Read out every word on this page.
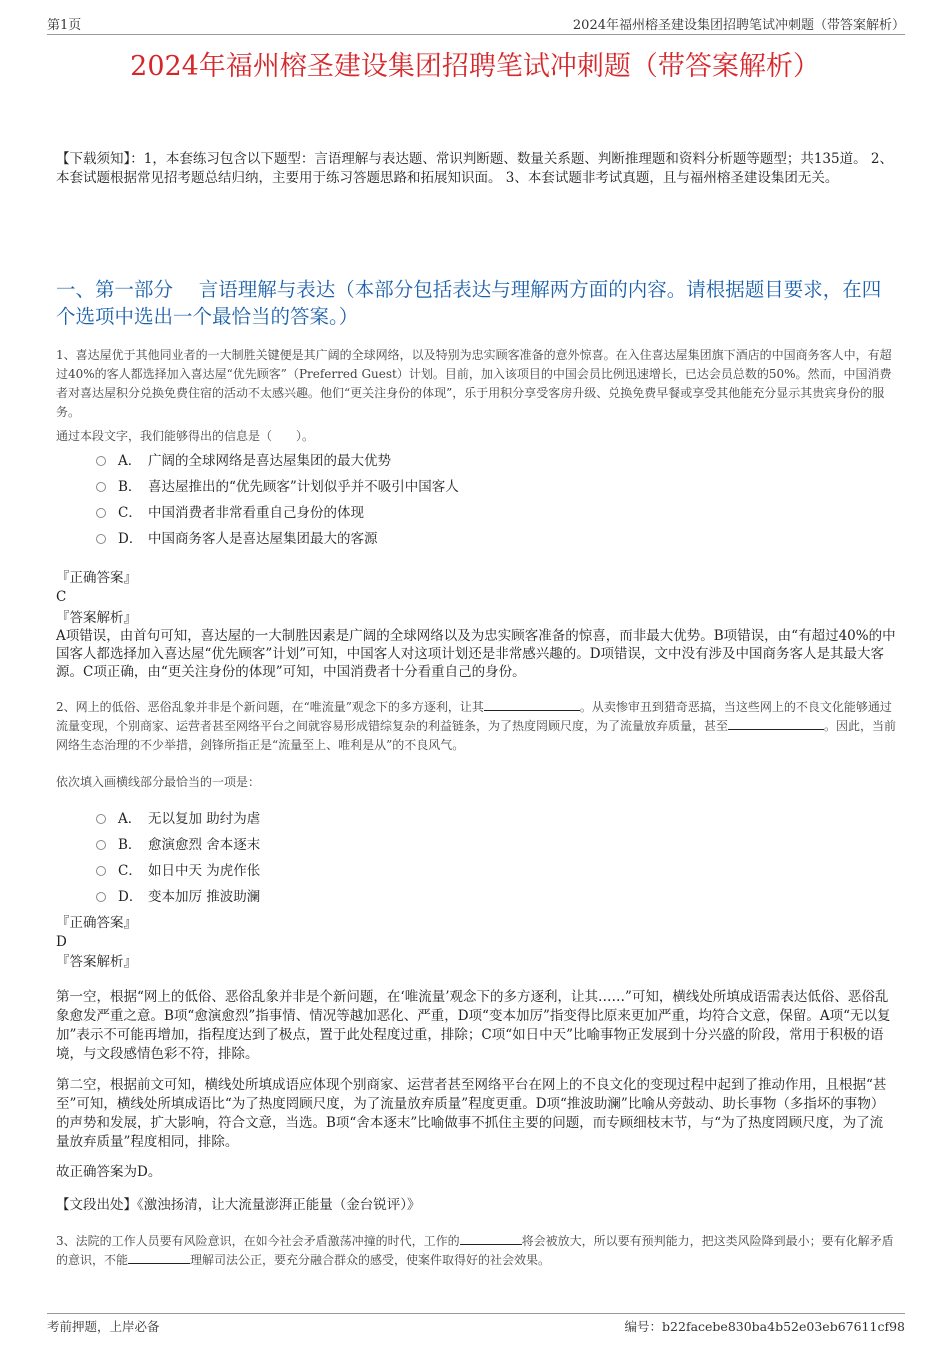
第1页	2024年福州榕圣建设集团招聘笔试冲刺题（带答案解析）
2024年福州榕圣建设集团招聘笔试冲刺题（带答案解析）
【下载须知】：1，本套练习包含以下题型：言语理解与表达题、常识判断题、数量关系题、判断推理题和资料分析题等题型；共135道。 2、本套试题根据常见招考题总结归纳，主要用于练习答题思路和拓展知识面。 3、本套试题非考试真题，且与福州榕圣建设集团无关。
一、第一部分　 言语理解与表达（本部分包括表达与理解两方面的内容。请根据题目要求，在四个选项中选出一个最恰当的答案。）
1、喜达屋优于其他同业者的一大制胜关键便是其广阔的全球网络，以及特别为忠实顾客准备的意外惊喜。在入住喜达屋集团旗下酒店的中国商务客人中，有超过40%的客人都选择加入喜达屋“优先顾客”（Preferred Guest）计划。目前，加入该项目的中国会员比例迅速增长，已达会员总数的50%。然而，中国消费者对喜达屋积分兑换免费住宿的活动不太感兴趣。他们“更关注身份的体现”，乐于用积分享受客房升级、兑换免费早餐或享受其他能充分显示其贵宾身份的服务。
通过本段文字，我们能够得出的信息是（　　）。
A． 广阔的全球网络是喜达屋集团的最大优势
B． 喜达屋推出的“优先顾客”计划似乎并不吸引中国客人
C． 中国消费者非常看重自己身份的体现
D． 中国商务客人是喜达屋集团最大的客源
『正确答案』
C
『答案解析』
A项错误，由首句可知，喜达屋的一大制胜因素是广阔的全球网络以及为忠实顾客准备的惊喜，而非最大优势。B项错误，由“有超过40%的中国客人都选择加入喜达屋“优先顾客”计划”可知，中国客人对这项计划还是非常感兴趣的。D项错误，文中没有涉及中国商务客人是其最大客源。C项正确，由“更关注身份的体现”可知，中国消费者十分看重自己的身份。
2、网上的低俗、恶俗乱象并非是个新问题，在“唯流量”观念下的多方逐利，让其	。从卖惨审丑到猎奇恶搞，当这些网上的不良文化能够通过流量变现，个别商家、运营者甚至网络平台之间就容易形成错综复杂的利益链条，为了热度罔顾尺度，为了流量放弃质量，甚至	。因此，当前网络生态治理的不少举措，剑锋所指正是“流量至上、唯利是从”的不良风气。
依次填入画横线部分最恰当的一项是：
A． 无以复加 助纣为虐
B． 愈演愈烈 舍本逐末
C． 如日中天 为虎作伥
D． 变本加厉 推波助澜
『正确答案』
D
『答案解析』
第一空，根据“网上的低俗、恶俗乱象并非是个新问题，在‘唯流量’观念下的多方逐利，让其……”可知，横线处所填成语需表达低俗、恶俗乱象愈发严重之意。B项“愈演愈烈”指事情、情况等越加恶化、严重，D项“变本加厉”指变得比原来更加严重，均符合文意，保留。A项“无以复加”表示不可能再增加，指程度达到了极点，置于此处程度过重，排除；C项“如日中天”比喻事物正发展到十分兴盛的阶段，常用于积极的语境，与文段感情色彩不符，排除。
第二空，根据前文可知，横线处所填成语应体现个别商家、运营者甚至网络平台在网上的不良文化的变现过程中起到了推动作用，且根据“甚至”可知，横线处所填成语比“为了热度罔顾尺度，为了流量放弃质量”程度更重。D项“推波助澜”比喻从旁鼓动、助长事物（多指坏的事物）的声势和发展，扩大影响，符合文意，当选。B项“舍本逐末”比喻做事不抓住主要的问题，而专顾细枝末节，与“为了热度罔顾尺度，为了流量放弃质量”程度相同，排除。
故正确答案为D。
【文段出处】《激浊扬清，让大流量澎湃正能量（金台锐评）》
3、法院的工作人员要有风险意识，在如今社会矛盾激荡冲撞的时代，工作的	将会被放大，所以要有预判能力，把这类风险降到最小；要有化解矛盾的意识，不能	理解司法公正，要充分融合群众的感受，使案件取得好的社会效果。
考前押题，上岸必备	编号：b22facebe830ba4b52e03eb67611cf98
